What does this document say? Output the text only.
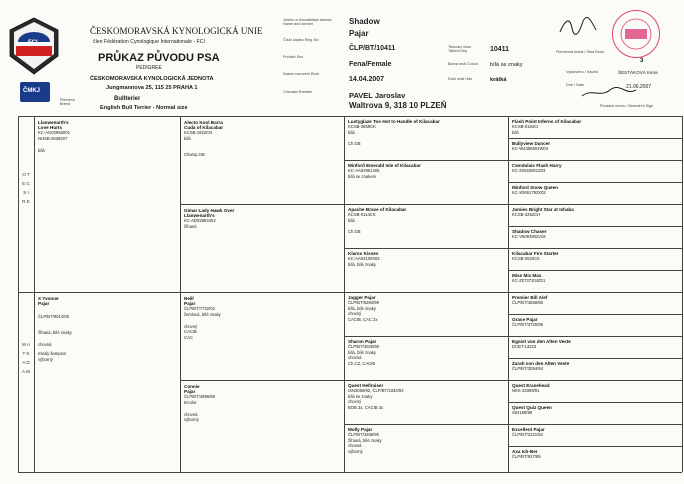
FCI
ČMKJ
ČESKOMORAVSKÁ KYNOLOGICKÁ UNIE
člen Fédération Cynologique Internationale - FCI
PRŮKAZ PŮVODU PSA
PEDIGREE
ČESKOMORAVSKÁ KYNOLOGICKÁ JEDNOTA
Jungmannova 25, 115 25 PRAHA 1
Plemeno Breed
Bullterier
English Bull Terrier - Normal size
Jméno a chovatelská stanice Name and kennel
Číslo zápisu Reg. No
Pohlaví Sex
Datum narození Born
Chovatel Breeder
Shadow
Pajar
ČLP/BT/10411
Fena/Female
14.04.2007
PAVEL Jaroslav
Waltrova 9, 318 10 PLZEŇ
Tetovací číslo Tattoo/Chip
Barva srsti Colour
Druh srsti Hair
10411
bílá se znaky
krátká
Plemenná kniha / Stud Book
3
Vystaveno / Issued	ŠESTÁKOVÁ Irena
Dne / Date	21.06.2007
Poradce chovu / Breeder's Sign
O T E C S I R E
M A T K A D A M
Llanwenarth's
Love Hurts
KC-AG02965001
NHSB-2638207
bílá
X Yvonne
Pajar
ČLP/BT/9014/05
žíhaná, bílé znaky
chovná
mlady šampion
výborný
Alecto Kool Barra
Cuda of Kilacabar
KCSB-1922CN
bílá
Champ.GB
Gimar Lady Hawk Over
Llanwenarth's
KC-AD02884402
žíhaná
Neill
Pajar
ČLP/BT/7722/02
žemlová, bílé znaky
chovný
CACIB
CAC
Connie
Pajar
ČLP/BT/4996/98
tricolor
chovná
výborný
Lustyglaze Too Hot to Handle of Kilacabar
KCSB-3859CK
bílá
Ch.GB
Minford Emerald Isle of Kilacabar
KC-AA02961405
bílá se znakem
Apache Brave of Kilacabar
KCSB-0114CK
bílá
Ch.GB
Klaros Kisses
KC-AA04109403
bílá, bílé znaky
Jagger Pajar
ČLP/BT/6394/99
bílá, bílé znaky
chovný
CACIB, CAC 2x
Sharon Pajar
ČLP/BT/4025/96
bílá, bílé znaky
chovná
Ch.CZ, CACIB
Quest Hellraiser
ISN3069/92, ČLP/BT/3333/93
bílá se znaky
chovný
BOB 3x, CACIB 3x
Molly Pajar
ČLP/BT/3268/95
žíhaná, bílé znaky
chovná
výborný
Flash Point Inferno of Kilacabar
KCSB-0184CI
bílá
Bullyview Dancer
KC-W4356504W04
Cwndulais Flash Harry
KC-Z2540001Z03
Minford Snow Queen
KC-X0691793X02
Jamies Bright Star at Ishaba
KCSB-3252CH
Shadow Chaser
KC-V5094802V04
Kilacabar Fire Starter
KCSB-0520CK
Miss Mix Max
KC-Z0737204Z01
Premier Bill Alef
ČLP/BT/4658/96
Grace Pajar
ČLP/BT/3720/98
Egoist von den Alten Veste
DCBT-13223
Zarah von den Alten Veste
ČLP/BT/3054/94
Quest Erasehead
NKK-33389/91
Quest Quiz Queen
S54168/89
Excellent Pajar
ČLP/BT/2221/92
Axa Ich-Ber
ČLP/BT/927/89
